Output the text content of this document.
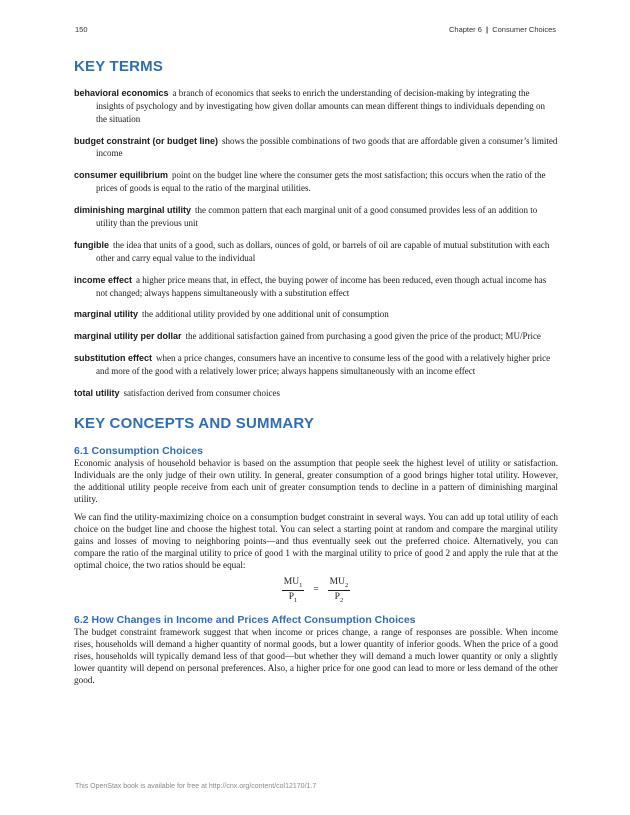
150	Chapter 6 | Consumer Choices
KEY TERMS

behavioral economics a branch of economics that seeks to enrich the understanding of decision-making by integrating the insights of psychology and by investigating how given dollar amounts can mean different things to individuals depending on the situation

budget constraint (or budget line) shows the possible combinations of two goods that are affordable given a consumer’s limited income

consumer equilibrium point on the budget line where the consumer gets the most satisfaction; this occurs when the ratio of the prices of goods is equal to the ratio of the marginal utilities.

diminishing marginal utility the common pattern that each marginal unit of a good consumed provides less of an addition to utility than the previous unit

fungible the idea that units of a good, such as dollars, ounces of gold, or barrels of oil are capable of mutual substitution with each other and carry equal value to the individual

income effect a higher price means that, in effect, the buying power of income has been reduced, even though actual income has not changed; always happens simultaneously with a substitution effect

marginal utility the additional utility provided by one additional unit of consumption

marginal utility per dollar the additional satisfaction gained from purchasing a good given the price of the product; MU/Price

substitution effect when a price changes, consumers have an incentive to consume less of the good with a relatively higher price and more of the good with a relatively lower price; always happens simultaneously with an income effect

total utility satisfaction derived from consumer choices

KEY CONCEPTS AND SUMMARY
6.1 Consumption Choices

Economic analysis of household behavior is based on the assumption that people seek the highest level of utility or satisfaction. Individuals are the only judge of their own utility. In general, greater consumption of a good brings higher total utility. However, the additional utility people receive from each unit of greater consumption tends to decline in a pattern of diminishing marginal utility.

We can find the utility-maximizing choice on a consumption budget constraint in several ways. You can add up total utility of each choice on the budget line and choose the highest total. You can select a starting point at random and compare the marginal utility gains and losses of moving to neighboring points—and thus eventually seek out the preferred choice. Alternatively, you can compare the ratio of the marginal utility to price of good 1 with the marginal utility to price of good 2 and apply the rule that at the optimal choice, the two ratios should be equal:

$\frac{MU_1}{P_1} = \frac{MU_2}{P_2}$
6.2 How Changes in Income and Prices Affect Consumption Choices

The budget constraint framework suggest that when income or prices change, a range of responses are possible. When income rises, households will demand a higher quantity of normal goods, but a lower quantity of inferior goods. When the price of a good rises, households will typically demand less of that good—but whether they will demand a much lower quantity or only a slightly lower quantity will depend on personal preferences. Also, a higher price for one good can lead to more or less demand of the other good.

This OpenStax book is available for free at http://cnx.org/content/col12170/1.7
